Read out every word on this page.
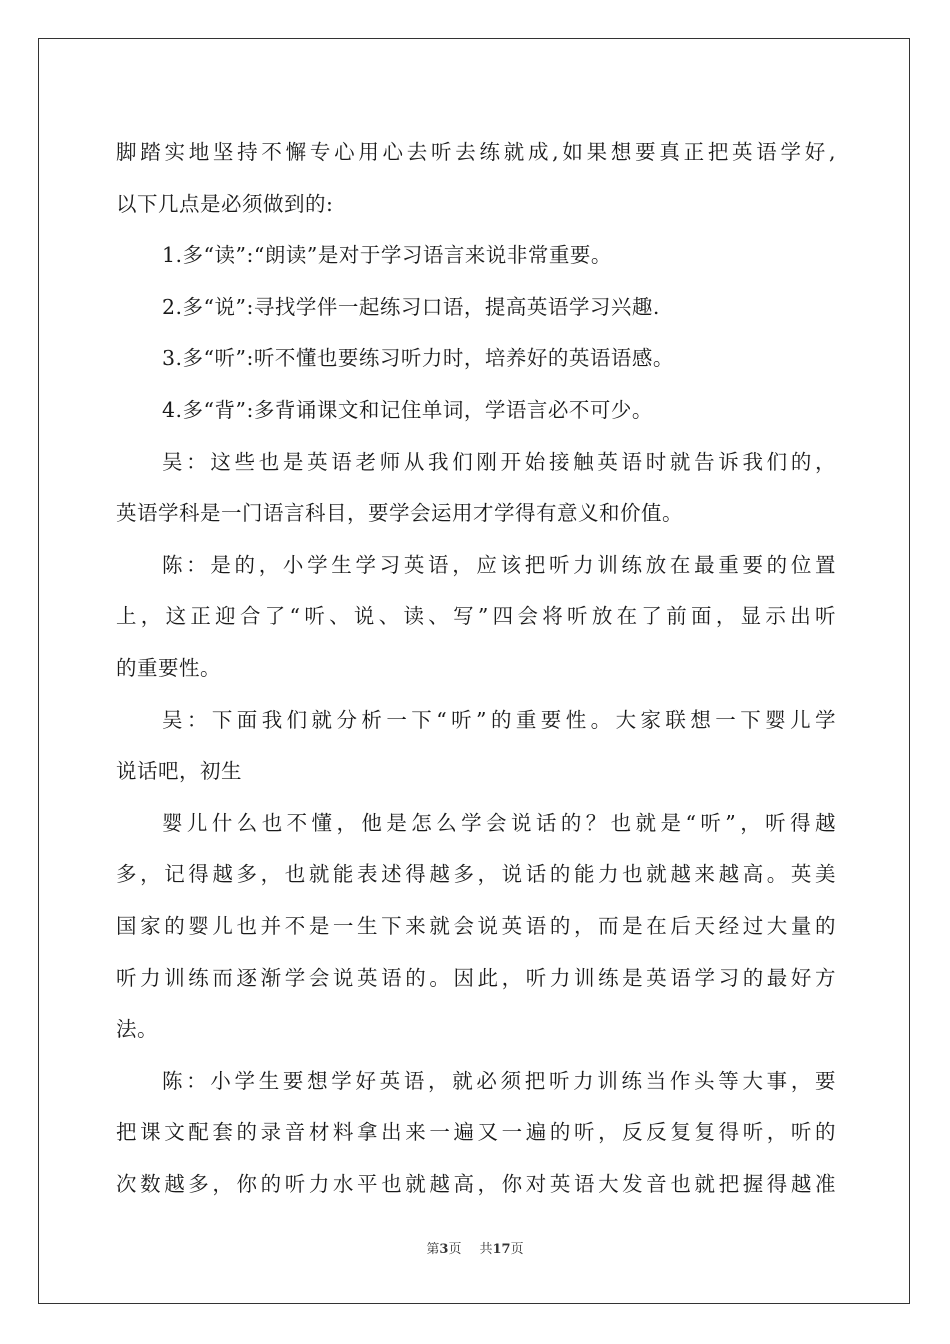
脚踏实地坚持不懈专心用心去听去练就成,如果想要真正把英语学好,
以下几点是必须做到的:
1.多“读”:“朗读”是对于学习语言来说非常重要。
2.多“说”:寻找学伴一起练习口语，提高英语学习兴趣.
3.多“听”:听不懂也要练习听力时，培养好的英语语感。
4.多“背”:多背诵课文和记住单词，学语言必不可少。
吴：这些也是英语老师从我们刚开始接触英语时就告诉我们的，
英语学科是一门语言科目，要学会运用才学得有意义和价值。
陈：是的，小学生学习英语，应该把听力训练放在最重要的位置
上，这正迎合了“听、说、读、写”四会将听放在了前面，显示出听
的重要性。
吴：下面我们就分析一下“听”的重要性。大家联想一下婴儿学
说话吧，初生
婴儿什么也不懂，他是怎么学会说话的？也就是“听”，听得越
多，记得越多，也就能表述得越多，说话的能力也就越来越高。英美
国家的婴儿也并不是一生下来就会说英语的，而是在后天经过大量的
听力训练而逐渐学会说英语的。因此，听力训练是英语学习的最好方
法。
陈：小学生要想学好英语，就必须把听力训练当作头等大事，要
把课文配套的录音材料拿出来一遍又一遍的听，反反复复得听，听的
次数越多，你的听力水平也就越高，你对英语大发音也就把握得越准
第3页 共17页
